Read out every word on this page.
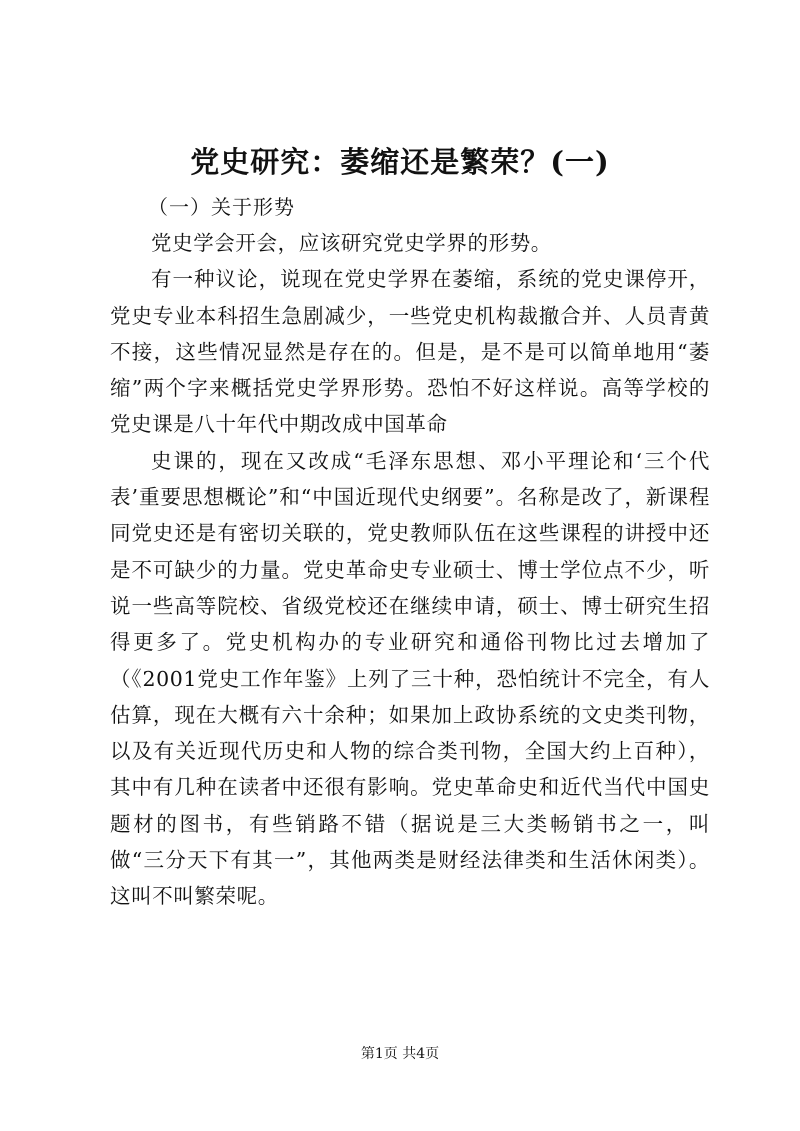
党史研究：萎缩还是繁荣？(一)

（一）关于形势

党史学会开会，应该研究党史学界的形势。

有一种议论，说现在党史学界在萎缩，系统的党史课停开，党史专业本科招生急剧减少，一些党史机构裁撤合并、人员青黄不接，这些情况显然是存在的。但是，是不是可以简单地用“萎缩”两个字来概括党史学界形势。恐怕不好这样说。高等学校的党史课是八十年代中期改成中国革命

史课的，现在又改成“毛泽东思想、邓小平理论和‘三个代表’重要思想概论”和“中国近现代史纲要”。名称是改了，新课程同党史还是有密切关联的，党史教师队伍在这些课程的讲授中还是不可缺少的力量。党史革命史专业硕士、博士学位点不少，听说一些高等院校、省级党校还在继续申请，硕士、博士研究生招得更多了。党史机构办的专业研究和通俗刊物比过去增加了（《2001党史工作年鉴》上列了三十种，恐怕统计不完全，有人估算，现在大概有六十余种；如果加上政协系统的文史类刊物，以及有关近现代历史和人物的综合类刊物，全国大约上百种），其中有几种在读者中还很有影响。党史革命史和近代当代中国史题材的图书，有些销路不错（据说是三大类畅销书之一，叫做“三分天下有其一”，其他两类是财经法律类和生活休闲类）。这叫不叫繁荣呢。

第1页 共4页
